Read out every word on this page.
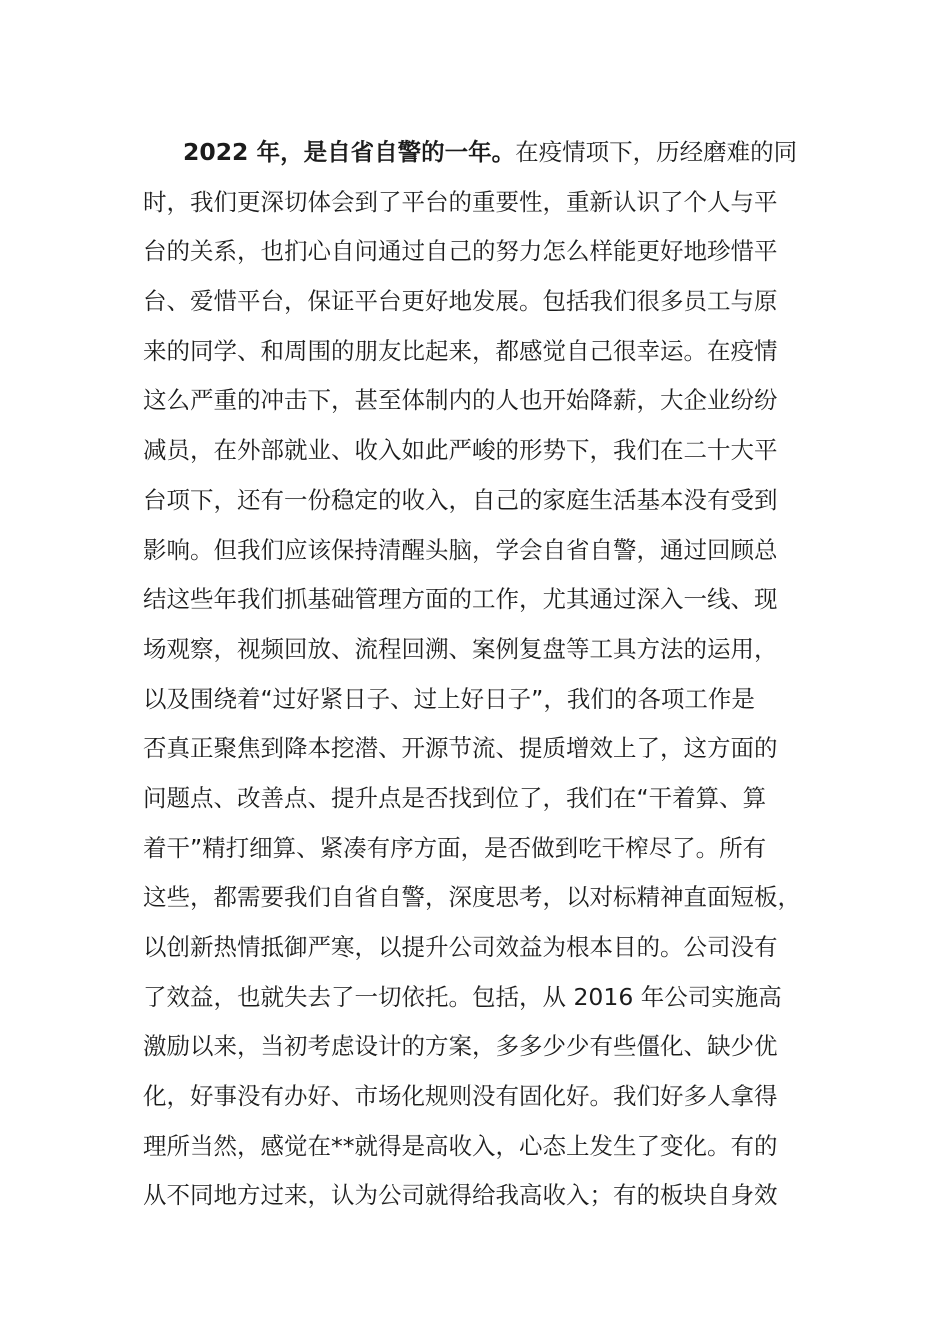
2022 年，是自省自警的一年。在疫情项下，历经磨难的同
时，我们更深切体会到了平台的重要性，重新认识了个人与平
台的关系，也扪心自问通过自己的努力怎么样能更好地珍惜平
台、爱惜平台，保证平台更好地发展。包括我们很多员工与原
来的同学、和周围的朋友比起来，都感觉自己很幸运。在疫情
这么严重的冲击下，甚至体制内的人也开始降薪，大企业纷纷
减员，在外部就业、收入如此严峻的形势下，我们在二十大平
台项下，还有一份稳定的收入，自己的家庭生活基本没有受到
影响。但我们应该保持清醒头脑，学会自省自警，通过回顾总
结这些年我们抓基础管理方面的工作，尤其通过深入一线、现
场观察，视频回放、流程回溯、案例复盘等工具方法的运用，
以及围绕着“过好紧日子、过上好日子”，我们的各项工作是
否真正聚焦到降本挖潜、开源节流、提质增效上了，这方面的
问题点、改善点、提升点是否找到位了，我们在“干着算、算
着干”精打细算、紧凑有序方面，是否做到吃干榨尽了。所有
这些，都需要我们自省自警，深度思考，以对标精神直面短板，
以创新热情抵御严寒，以提升公司效益为根本目的。公司没有
了效益，也就失去了一切依托。包括，从 2016 年公司实施高
激励以来，当初考虑设计的方案，多多少少有些僵化、缺少优
化，好事没有办好、市场化规则没有固化好。我们好多人拿得
理所当然，感觉在**就得是高收入，心态上发生了变化。有的
从不同地方过来，认为公司就得给我高收入；有的板块自身效
